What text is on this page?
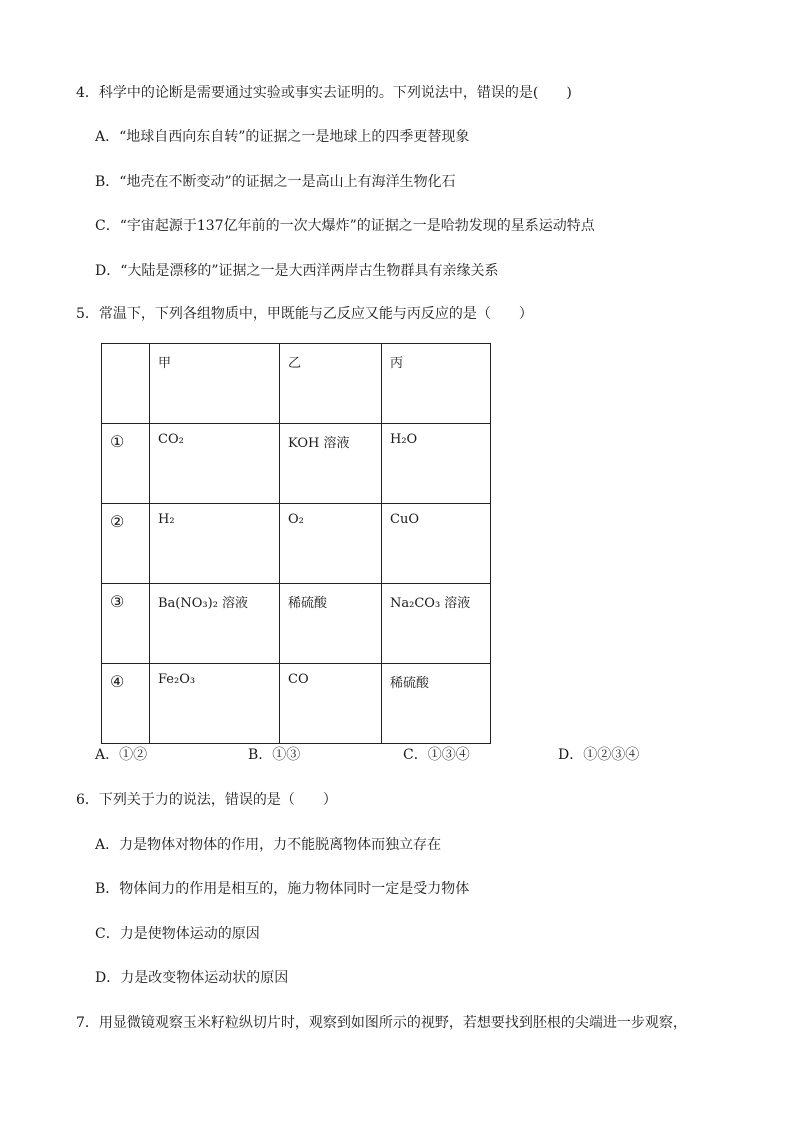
4．科学中的论断是需要通过实验或事实去证明的。下列说法中，错误的是(　　)
A．“地球自西向东自转”的证据之一是地球上的四季更替现象
B．“地壳在不断变动”的证据之一是高山上有海洋生物化石
C．“宇宙起源于137亿年前的一次大爆炸”的证据之一是哈勃发现的星系运动特点
D．“大陆是漂移的”证据之一是大西洋两岸古生物群具有亲缘关系
5．常温下，下列各组物质中，甲既能与乙反应又能与丙反应的是（　　）
	甲	乙	丙
①	CO₂	KOH 溶液	H₂O
②	H₂	O₂	CuO
③	Ba(NO₃)₂ 溶液	稀硫酸	Na₂CO₃ 溶液
④	Fe₂O₃	CO	稀硫酸
A．①②	B．①③	C．①③④	D．①②③④
6．下列关于力的说法，错误的是（　　）
A．力是物体对物体的作用，力不能脱离物体而独立存在
B．物体间力的作用是相互的，施力物体同时一定是受力物体
C．力是使物体运动的原因
D．力是改变物体运动状的原因
7．用显微镜观察玉米籽粒纵切片时，观察到如图所示的视野，若想要找到胚根的尖端进一步观察，
